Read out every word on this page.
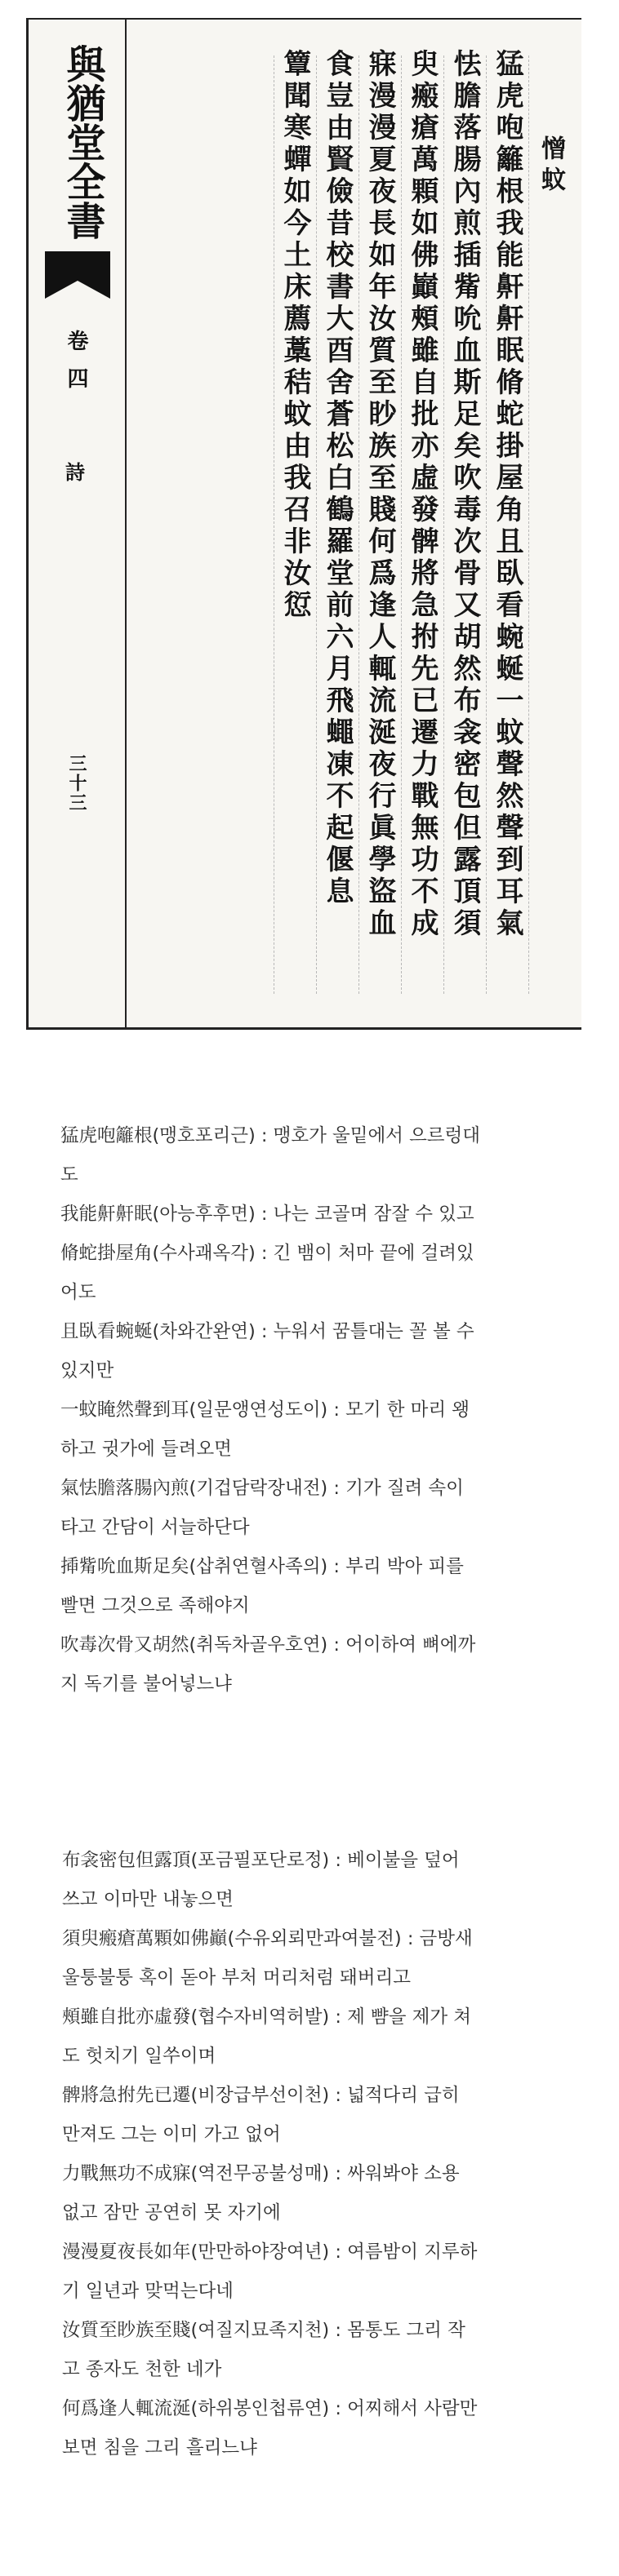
與猶堂全書
卷四
詩
三十三
憎蚊
猛虎咆籬根我能鼾鼾眠脩蛇掛屋角且臥看蜿蜒一蚊聲然聲到耳氣
怯膽落腸內煎插觜吮血斯足矣吹毒次骨又胡然布衾密包但露頂須
臾瘢瘡萬顆如佛巓頰雖自批亦虛發髀將急拊先已遷力戰無功不成
寐漫漫夏夜長如年汝質至眇族至賤何爲逢人輒流涎夜行眞學盜血
食豈由賢儉昔校書大酉舍蒼松白鶴羅堂前六月飛蠅凍不起偃息
簟聞寒蟬如今土床薦藁秸蚊由我召非汝愆
猛虎咆籬根(맹호포리근) : 맹호가 울밑에서 으르렁대
도
我能鼾鼾眠(아능후후면) : 나는 코골며 잠잘 수 있고
脩蛇掛屋角(수사괘옥각) : 긴 뱀이 처마 끝에 걸려있
어도
且臥看蜿蜒(차와간완연) : 누워서 꿈틀대는 꼴 볼 수
있지만
一蚊䁆然聲到耳(일문앵연성도이) : 모기 한 마리 왱
하고 귓가에 들려오면
氣怯膽落腸內煎(기겁담락장내전) : 기가 질려 속이
타고 간담이 서늘하단다
揷觜吮血斯足矣(삽취연혈사족의) : 부리 박아 피를
빨면 그것으로 족해야지
吹毒次骨又胡然(취독차골우호연) : 어이하여 뼈에까
지 독기를 불어넣느냐
布衾密包但露頂(포금필포단로정) : 베이불을 덮어
쓰고 이마만 내놓으면
須臾瘢瘡萬顆如佛巓(수유외뢰만과여불전) : 금방새
울퉁불퉁 혹이 돋아 부처 머리처럼 돼버리고
頰雖自批亦虛發(협수자비역허발) : 제 뺨을 제가 쳐
도 헛치기 일쑤이며
髀將急拊先已遷(비장급부선이천) : 넓적다리 급히
만져도 그는 이미 가고 없어
力戰無功不成寐(역전무공불성매) : 싸워봐야 소용
없고 잠만 공연히 못 자기에
漫漫夏夜長如年(만만하야장여년) : 여름밤이 지루하
기 일년과 맞먹는다네
汝質至眇族至賤(여질지묘족지천) : 몸통도 그리 작
고 종자도 천한 네가
何爲逢人輒流涎(하위봉인첩류연) : 어찌해서 사람만
보면 침을 그리 흘리느냐
